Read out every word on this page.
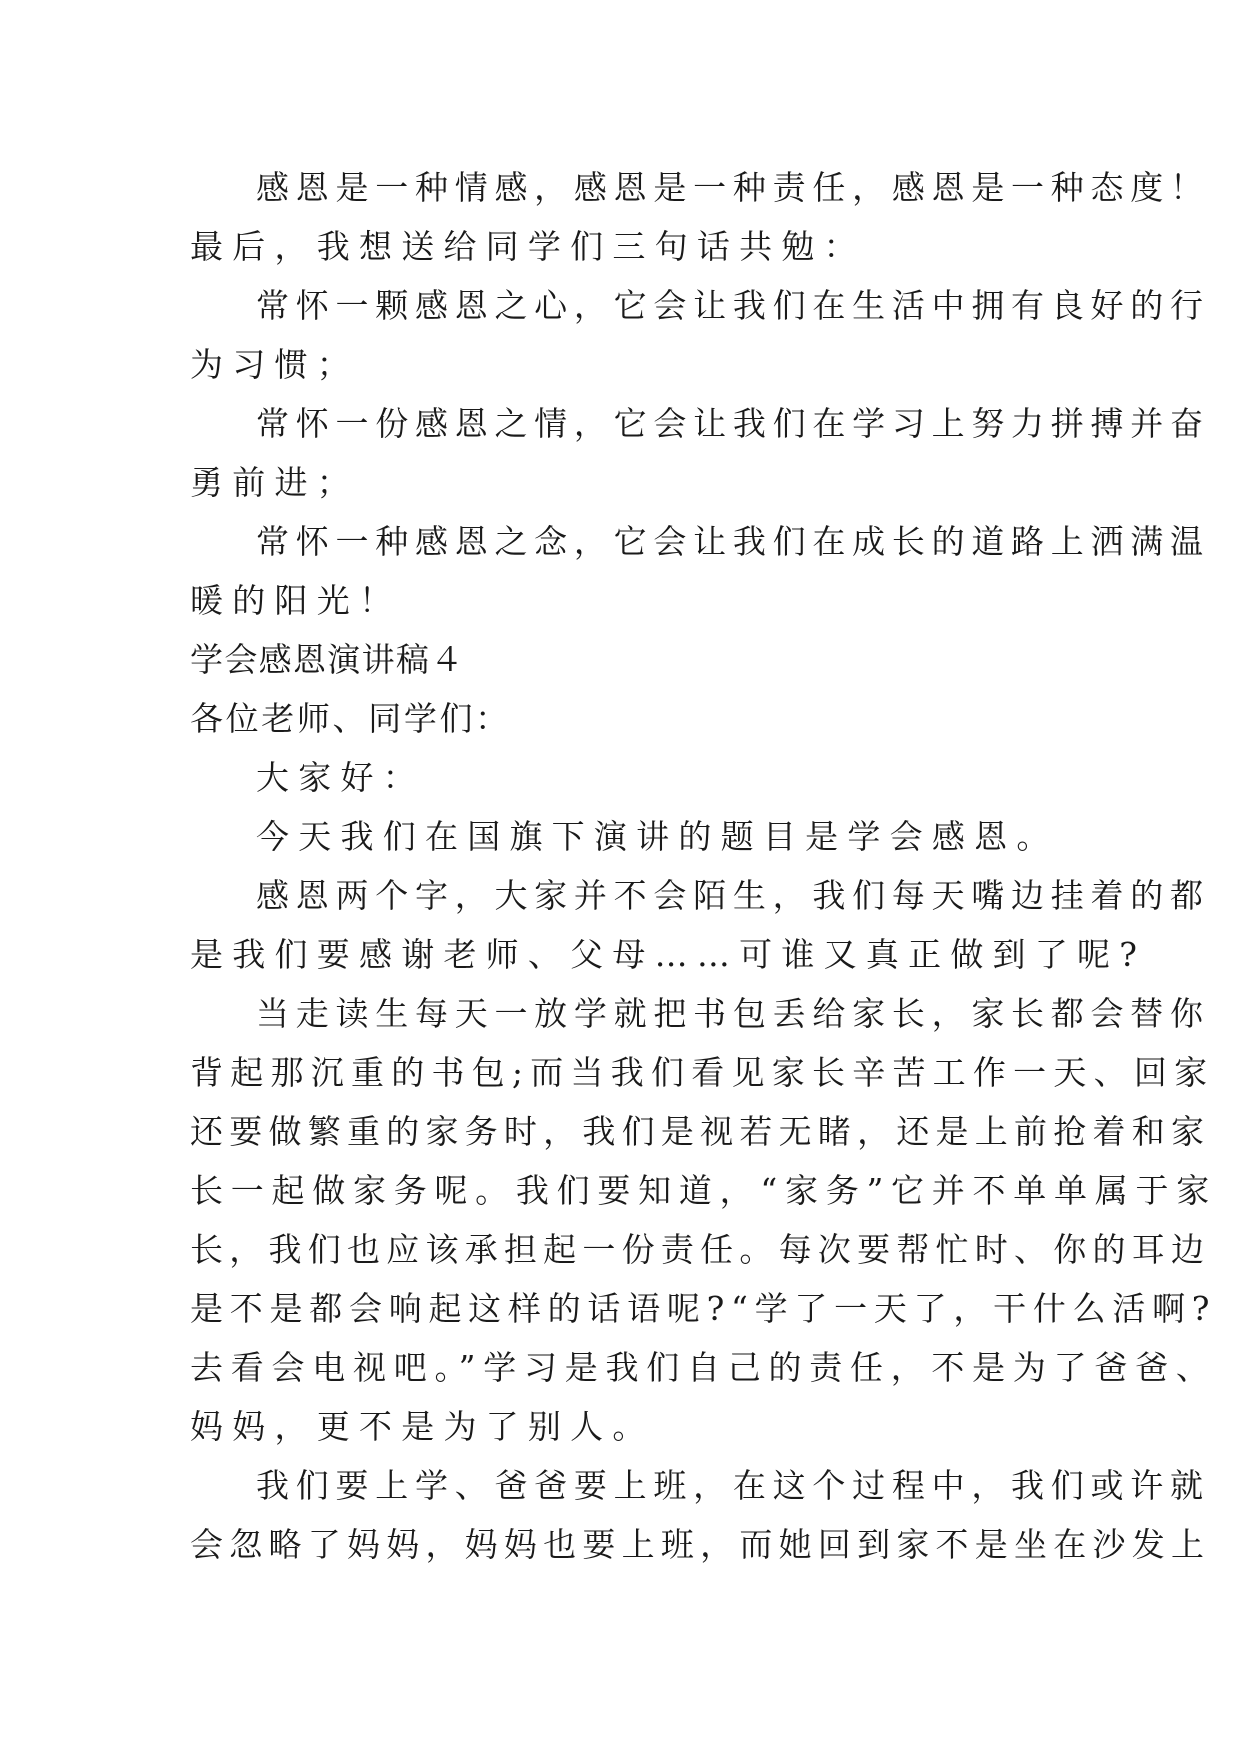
感恩是一种情感，感恩是一种责任，感恩是一种态度！

最后，我想送给同学们三句话共勉：

常怀一颗感恩之心，它会让我们在生活中拥有良好的行

为习惯；

常怀一份感恩之情，它会让我们在学习上努力拼搏并奋

勇前进；

常怀一种感恩之念，它会让我们在成长的道路上洒满温

暖的阳光！

学会感恩演讲稿４

各位老师、同学们：

大家好：

今天我们在国旗下演讲的题目是学会感恩。

感恩两个字，大家并不会陌生，我们每天嘴边挂着的都

是我们要感谢老师、父母……可谁又真正做到了呢?

当走读生每天一放学就把书包丢给家长，家长都会替你

背起那沉重的书包;而当我们看见家长辛苦工作一天、回家

还要做繁重的家务时，我们是视若无睹，还是上前抢着和家

长一起做家务呢。我们要知道，“家务”它并不单单属于家

长，我们也应该承担起一份责任。每次要帮忙时、你的耳边

是不是都会响起这样的话语呢?“学了一天了，干什么活啊?

去看会电视吧。”学习是我们自己的责任，不是为了爸爸、

妈妈，更不是为了别人。

我们要上学、爸爸要上班，在这个过程中，我们或许就

会忽略了妈妈，妈妈也要上班，而她回到家不是坐在沙发上
